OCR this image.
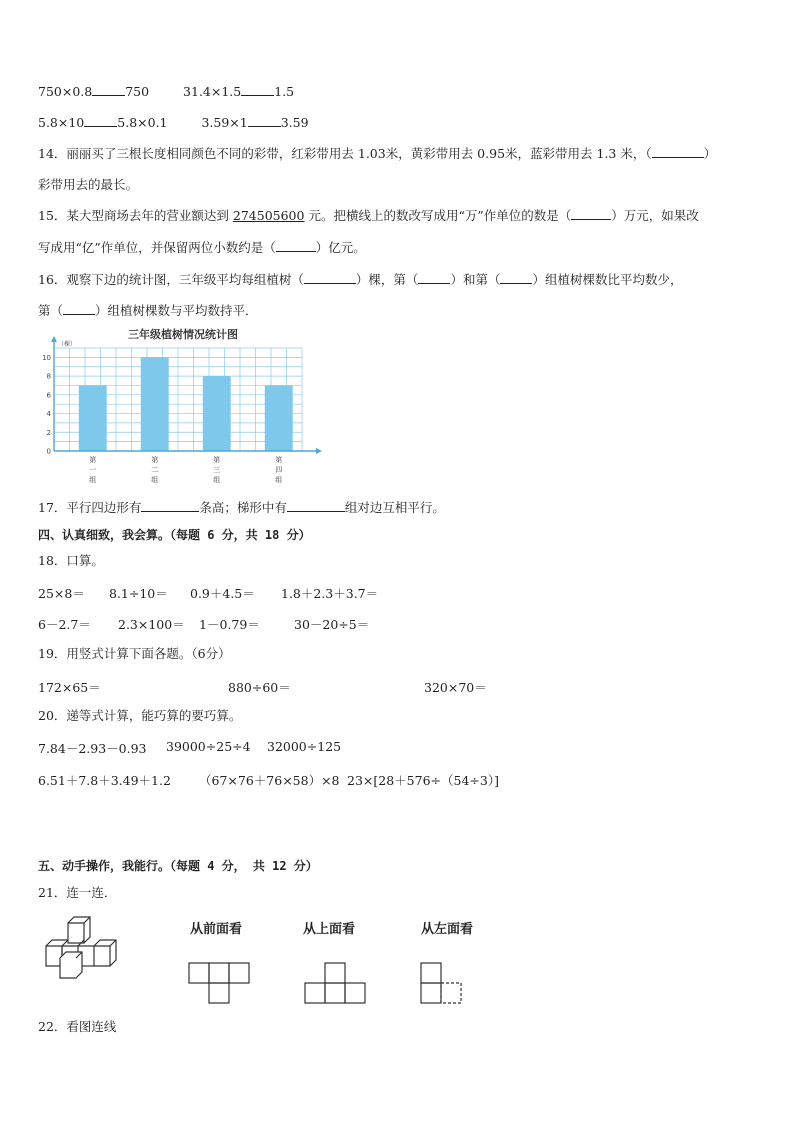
750×0.8	750	31.4×1.5	1.5
5.8×10	5.8×0.1	3.59×1	3.59
14．丽丽买了三根长度相同颜色不同的彩带，红彩带用去 1.03米，黄彩带用去 0.95米，蓝彩带用去 1.3 米，（	）
彩带用去的最长。
15．某大型商场去年的营业额达到 274505600 元。把横线上的数改写成用“万”作单位的数是（	）万元，如果改
写成用“亿”作单位，并保留两位小数约是（	）亿元。
16．观察下边的统计图，三年级平均每组植树（	）棵，第（	）和第（	）组植树棵数比平均数少，
第（	）组植树棵数与平均数持平．
三年级植树情况统计图
第
一
组
第
二
组
第
三
组
第
四
组
0
2
4
6
8
10
（棵）
17．平行四边形有	条高；梯形中有	组对边互相平行。
四、认真细致，我会算。（每题 6 分，共 18 分）
18．口算。
25×8＝ 8.1÷10＝ 0.9＋4.5＝ 1.8＋2.3＋3.7＝
6－2.7＝ 2.3×100＝ 1－0.79＝	30－20÷5＝
19．用竖式计算下面各题。（6分）
172×65＝	880÷60＝	320×70＝
20．递等式计算，能巧算的要巧算。
7.84－2.93－0.93 39000÷25÷4 32000÷125
6.51＋7.8＋3.49＋1.2 （67×76＋76×58）×8 23×[28＋576÷（54÷3）]
五、动手操作，我能行。（每题 4 分， 共 12 分）
21．连一连．
从前面看	从上面看	从左面看
22．看图连线
